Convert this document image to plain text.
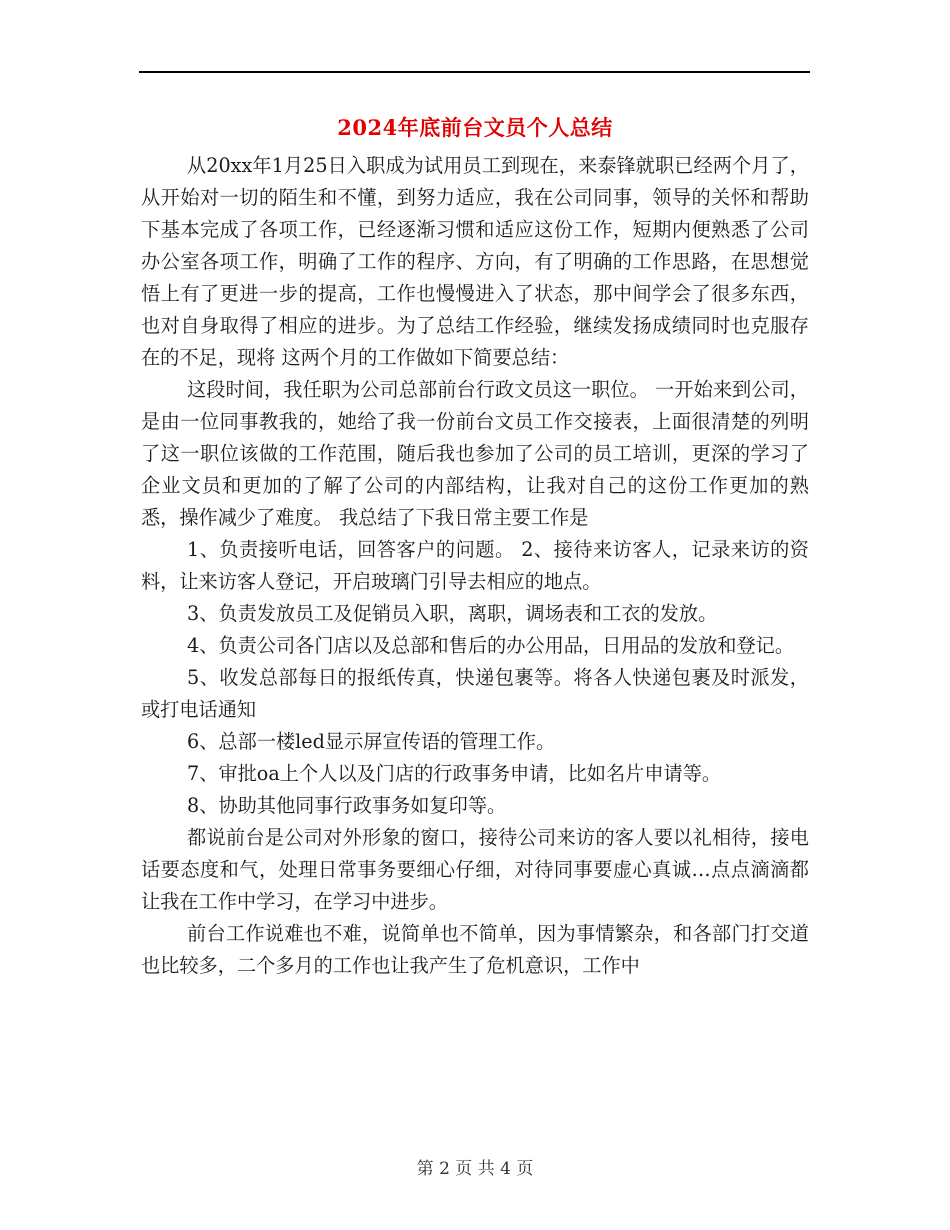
2024年底前台文员个人总结

从20xx年1月25日入职成为试用员工到现在，来泰锋就职已经两个月了，从开始对一切的陌生和不懂，到努力适应，我在公司同事，领导的关怀和帮助下基本完成了各项工作，已经逐渐习惯和适应这份工作，短期内便熟悉了公司办公室各项工作，明确了工作的程序、方向，有了明确的工作思路，在思想觉悟上有了更进一步的提高，工作也慢慢进入了状态，那中间学会了很多东西，也对自身取得了相应的进步。为了总结工作经验，继续发扬成绩同时也克服存在的不足，现将 这两个月的工作做如下简要总结：

这段时间，我任职为公司总部前台行政文员这一职位。 一开始来到公司，是由一位同事教我的，她给了我一份前台文员工作交接表，上面很清楚的列明了这一职位该做的工作范围，随后我也参加了公司的员工培训，更深的学习了企业文员和更加的了解了公司的内部结构，让我对自己的这份工作更加的熟悉，操作减少了难度。 我总结了下我日常主要工作是

1、负责接听电话，回答客户的问题。 2、接待来访客人，记录来访的资料，让来访客人登记，开启玻璃门引导去相应的地点。

3、负责发放员工及促销员入职，离职，调场表和工衣的发放。

4、负责公司各门店以及总部和售后的办公用品，日用品的发放和登记。

5、收发总部每日的报纸传真，快递包裹等。将各人快递包裹及时派发，或打电话通知

6、总部一楼led显示屏宣传语的管理工作。

7、审批oa上个人以及门店的行政事务申请，比如名片申请等。

8、协助其他同事行政事务如复印等。

都说前台是公司对外形象的窗口，接待公司来访的客人要以礼相待，接电话要态度和气，处理日常事务要细心仔细，对待同事要虚心真诚…点点滴滴都让我在工作中学习，在学习中进步。

前台工作说难也不难，说简单也不简单，因为事情繁杂，和各部门打交道也比较多，二个多月的工作也让我产生了危机意识，工作中

第 2 页 共 4 页
